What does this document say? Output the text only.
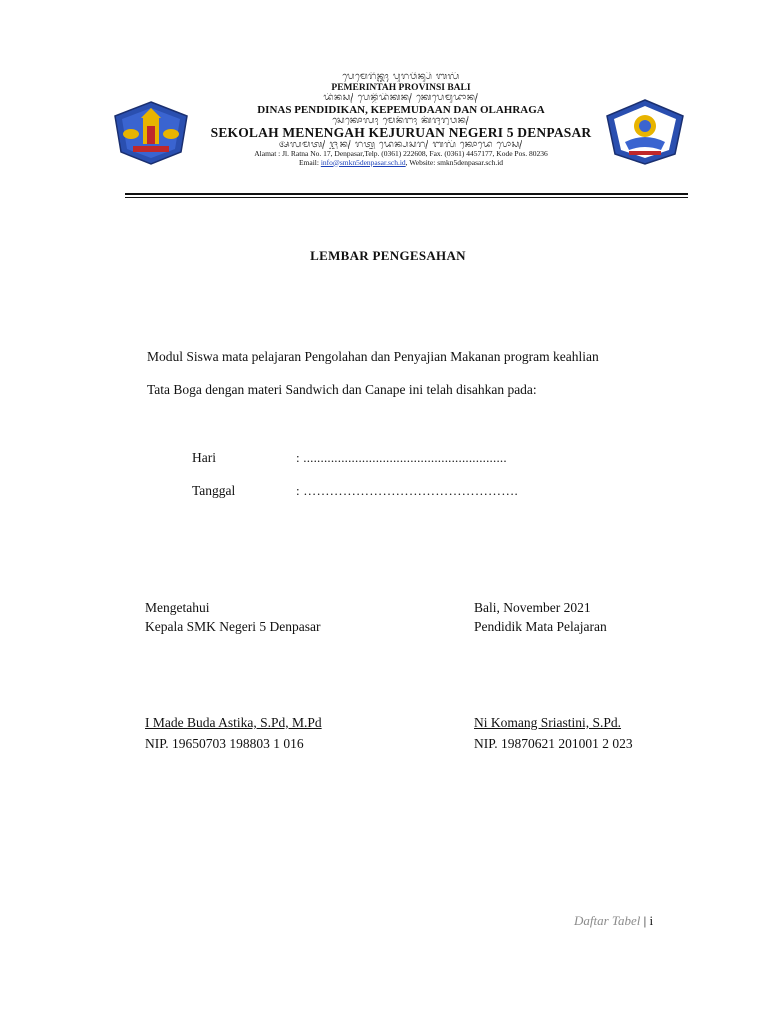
ᬧᬾᬫᬾᬭᬶᬦ᭄ᬢᬄ ᬧᬸᬭᬯᬶᬦ᭄ᬲᬶ ᬩᬮᬶ
PEMERINTAH PROVINSI BALI
ᬤᬶᬦᬲ᭄ ᬧᬾᬦ᭄ᬤᬶᬤᬶᬓᬦ᭄ ᬓᬾᬧᬾᬫᬸᬤᬵᬦ᭄
DINAS PENDIDIKAN, KEPEMUDAAN DAN OLAHRAGA
ᬲᬾᬓᭀᬮᬄ ᬫᬾᬦᭂᬗᬄ ᬓᭂᬚᬸᬭᬸᬯᬦ᭄
SEKOLAH MENENGAH KEJURUAN NEGERI 5 DENPASAR
ᬅᬮᬫᬢ᭄ ᬚ᭄ᬮᬦ᭄ ᬭᬢ᭄ᬦ ᬤᬾᬦ᭄ᬧᬲᬭ᭄ ᬩᬮᬶ ᬓᭀᬤᬾ ᬧᭀᬲ᭄
Alamat : Jl. Ratna No. 17, Denpasar,Telp. (0361) 222608, Fax. (0361) 4457177, Kode Pos. 80236
Email: info@smkn5denpasar.sch.id, Website: smkn5denpasar.sch.id
LEMBAR PENGESAHAN
Modul Siswa mata pelajaran Pengolahan dan Penyajian Makanan program keahlian
Tata Boga dengan materi Sandwich dan Canape ini telah disahkan pada:
Hari	: ...........................................................
Tanggal	: ………………………………………….
Mengetahui
Kepala SMK Negeri 5 Denpasar
I Made Buda Astika, S.Pd, M.Pd
NIP. 19650703 198803 1 016
Bali, November 2021
Pendidik Mata Pelajaran
Ni Komang Sriastini, S.Pd.
NIP. 19870621 201001 2 023
Daftar Tabel | i
